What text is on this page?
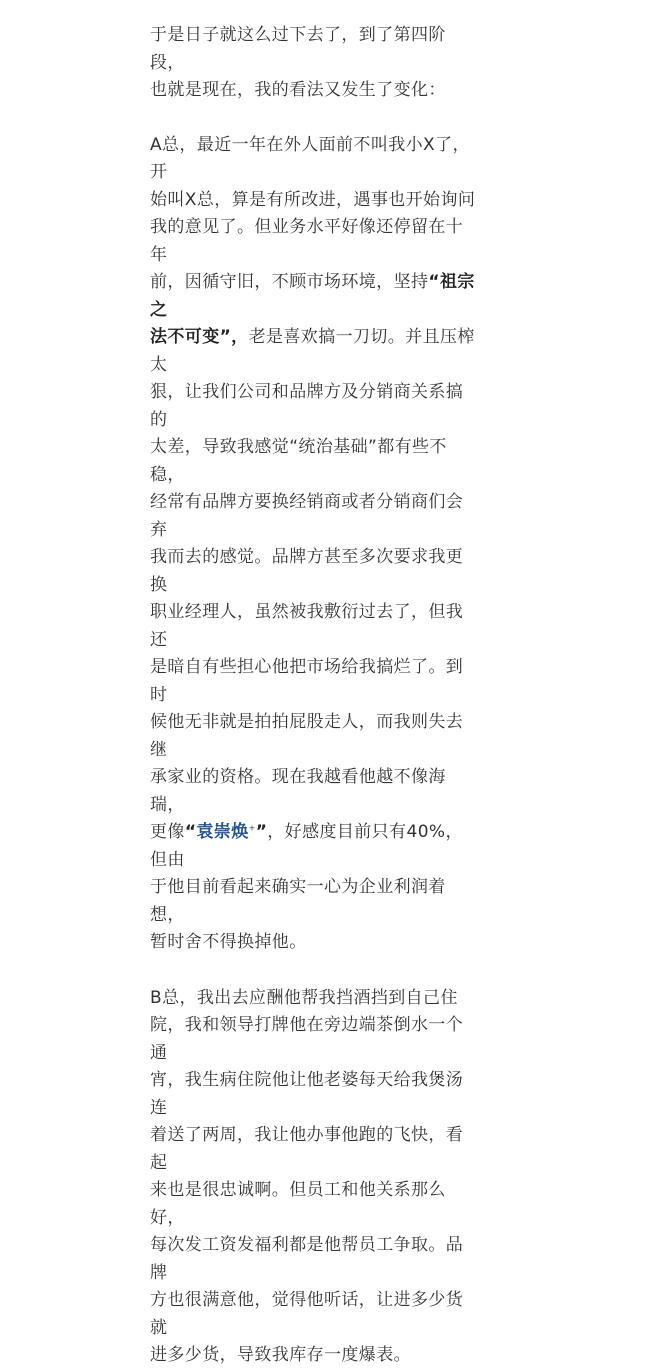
于是日子就这么过下去了，到了第四阶段，
也就是现在，我的看法又发生了变化：

A总，最近一年在外人面前不叫我小X了，开
始叫X总，算是有所改进，遇事也开始询问
我的意见了。但业务水平好像还停留在十年
前，因循守旧，不顾市场环境，坚持“祖宗之
法不可变”，老是喜欢搞一刀切。并且压榨太
狠，让我们公司和品牌方及分销商关系搞的
太差，导致我感觉“统治基础”都有些不稳，
经常有品牌方要换经销商或者分销商们会弃
我而去的感觉。品牌方甚至多次要求我更换
职业经理人，虽然被我敷衍过去了，但我还
是暗自有些担心他把市场给我搞烂了。到时
候他无非就是拍拍屁股走人，而我则失去继
承家业的资格。现在我越看他越不像海瑞，
更像“袁崇焕+”，好感度目前只有40%，但由
于他目前看起来确实一心为企业利润着想，
暂时舍不得换掉他。

B总，我出去应酬他帮我挡酒挡到自己住
院，我和领导打牌他在旁边端茶倒水一个通
宵，我生病住院他让他老婆每天给我煲汤连
着送了两周，我让他办事他跑的飞快，看起
来也是很忠诚啊。但员工和他关系那么好，
每次发工资发福利都是他帮员工争取。品牌
方也很满意他，觉得他听话，让进多少货就
进多少货，导致我库存一度爆表。
